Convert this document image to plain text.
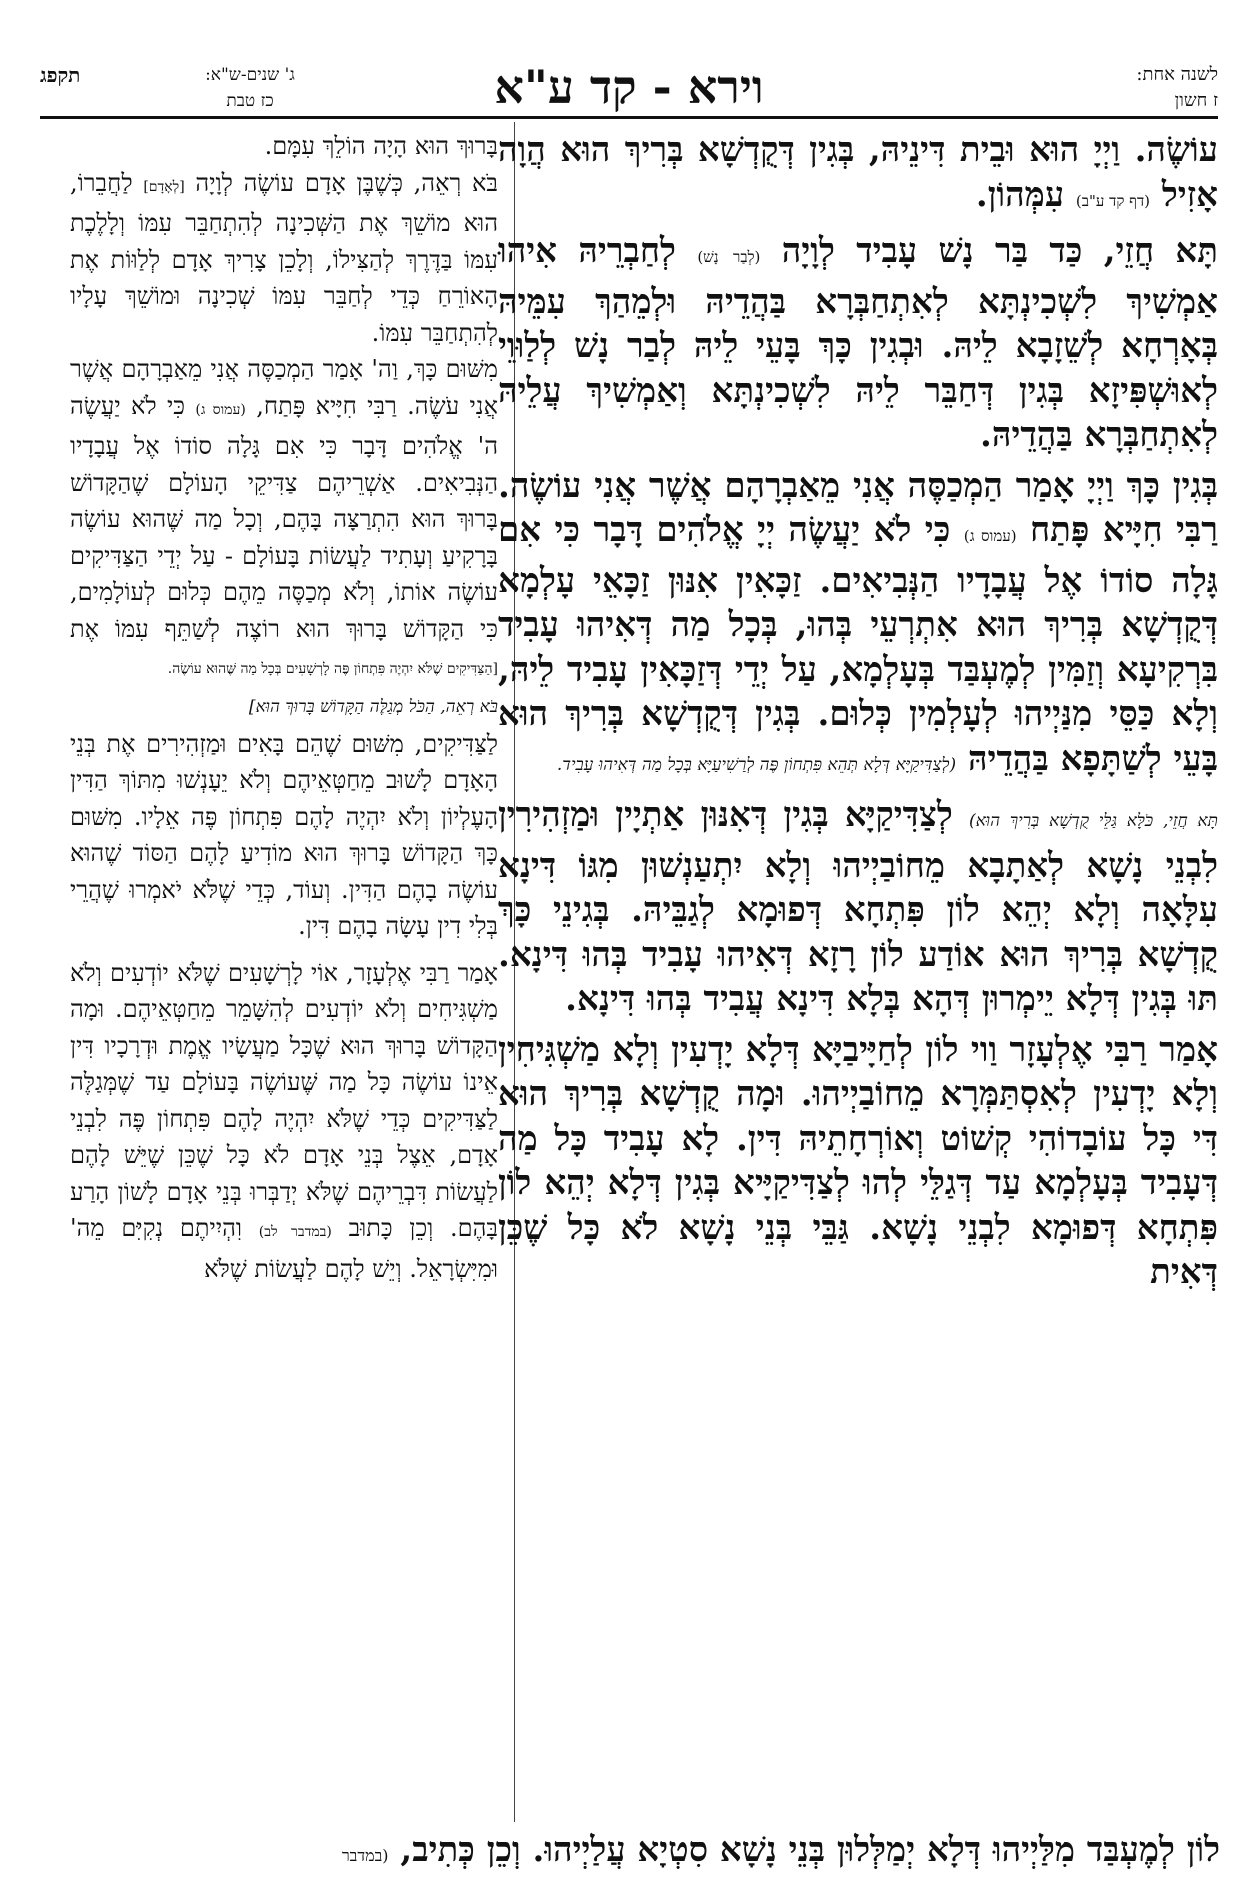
לשנה אחת:
ז חשון
וירא - קד ע"א
ג' שנים-ש"א:
כז טבת
תקפג

עוֹשֶׂה. וַיְיָ הוּא וּבֵית דִּינֵיהּ, בְּגִין דְּקֻדְשָׁא בְּרִיךְ הוּא הֲוָה אָזִיל (דף קד ע"ב) עִמְּהוֹן.

תָּא חֲזֵי, כַּד בַּר נָשׁ עָבִיד לְוָיָה (לְבַר נָשׁ) לְחַבְרֵיהּ אִיהוּ אַמְשִׁיךְ לִשְׁכִינְתָּא לְאִתְחַבְּרָא בַּהֲדֵיהּ וּלְמֵהַךְ עִמֵּיהּ בְּאָרְחָא לְשֵׁזָבָא לֵיהּ. וּבְגִין כָּךְ בָּעֵי לֵיהּ לְבַר נָשׁ לְלַוּוֵי לְאוּשְׁפִּיזָא בְּגִין דְּחַבֵּר לֵיהּ לִשְׁכִינְתָּא וְאַמְשִׁיךְ עֲלֵיהּ לְאִתְחַבְּרָא בַּהֲדֵיהּ.

בְּגִין כָּךְ וַיְיָ אָמַר הַמְכַסֶּה אֲנִי מֵאַבְרָהָם אֲשֶׁר אֲנִי עוֹשֶׂה. רַבִּי חִיָּיא פָּתַח (עמוס ג) כִּי לֹא יַעֲשֶׂה יְיָ אֱלֹהִים דָּבָר כִּי אִם גָּלָה סוֹדוֹ אֶל עֲבָדָיו הַנְּבִיאִים. זַכָּאִין אִנּוּן זַכָּאֵי עָלְמָא דְּקֻדְשָׁא בְּרִיךְ הוּא אִתְרְעֵי בְּהוּ, בְּכָל מַה דְּאִיהוּ עָבִיד בִּרְקִיעָא וְזַמִּין לְמֶעְבַּד בְּעָלְמָא, עַל יְדֵי דְּזַכָּאִין עָבִיד לֵיהּ, וְלָא כַּסֵּי מִנַּיְיהוּ לְעָלְמִין כְּלוּם. בְּגִין דְּקֻדְשָׁא בְּרִיךְ הוּא בָּעֵי לְשַׁתָּפָא בַּהֲדֵיהּ (לְצַדִּיקַיָּא דְּלָא תְּהֵא פִּתְחוֹן פֶּה לְרַשִׁיעַיָּא בְּכָל מַה דְּאִיהוּ עָבִיד.

תָּא חֲזֵי, כֹּלָּא גַּלֵּי קֻדְשָׁא בְּרִיךְ הוּא) לְצַדִּיקַיָּא בְּגִין דְּאִנּוּן אַתְיָין וּמַזְהִירִין לִבְנֵי נָשָׁא לְאַתָבָא מֵחוֹבַיְיהוּ וְלָא יִתְעַנְשׁוּן מִגּוֹ דִּינָא עִלָּאָה וְלָא יְהֵא לוֹן פִּתְחָא דְּפוּמָא לְגַבֵּיהּ. בְּגִינֵי כָּךְ קֻדְשָׁא בְּרִיךְ הוּא אוֹדַע לוֹן רָזָא דְּאִיהוּ עָבִיד בְּהוּ דִּינָא. תּוּ בְּגִין דְּלָא יֵימְרוּן דְּהָא בְּלָא דִּינָא עֲבִיד בְּהוּ דִּינָא.

אָמַר רַבִּי אֶלְעָזָר וַוי לוֹן לְחַיָּיבַיָּא דְּלָא יָדְעִין וְלָא מַשְׁגִּיחִין וְלָא יָדְעִין לְאִסְתַּמְּרָא מֵחוֹבַיְיהוּ. וּמָה קֻדְשָׁא בְּרִיךְ הוּא דִּי כָּל עוֹבָדוֹהִי קְשׁוֹט וְאוֹרְחָתֵיהּ דִּין. לָא עָבִיד כָּל מַה דְּעָבִיד בְּעָלְמָא עַד דְּגַלֵּי לְהוּ לְצַדִּיקַיָּיא בְּגִין דְּלָא יְהֵא לוֹן פִּתְחָא דְּפוּמָא לִבְנֵי נָשָׁא. גַּבֵּי בְּנֵי נָשָׁא לֹא כָּל שֶׁכֵּן דְּאִית

בָּרוּךְ הוּא הָיָה הוֹלֵךְ עִמָּם.

בֹּא רְאֵה, כְּשֶׁבֶּן אָדָם עוֹשֶׂה לְוָיָה [לְאָדָם] לַחֲבֵרוֹ, הוּא מוֹשֵׁךְ אֶת הַשְּׁכִינָה לְהִתְחַבֵּר עִמּוֹ וְלָלֶכֶת עִמּוֹ בַּדֶּרֶךְ לְהַצִּילוֹ, וְלָכֵן צָרִיךְ אָדָם לְלַוּוֹת אֶת הָאוֹרֵחַ כְּדֵי לְחַבֵּר עִמּוֹ שְׁכִינָה וּמוֹשֵׁךְ עָלָיו לְהִתְחַבֵּר עִמּוֹ.

מִשּׁוּם כָּךְ, וַה' אָמַר הַמְכַסֶּה אֲנִי מֵאַבְרָהָם אֲשֶׁר אֲנִי עֹשֶׂה. רַבִּי חִיָּיא פָּתַח, (עמוס ג) כִּי לֹא יַעֲשֶׂה ה' אֱלֹהִים דָּבָר כִּי אִם גָּלָה סוֹדוֹ אֶל עֲבָדָיו הַנְּבִיאִים. אַשְׁרֵיהֶם צַדִּיקֵי הָעוֹלָם שֶׁהַקָּדוֹשׁ בָּרוּךְ הוּא הִתְרַצָּה בָּהֶם, וְכָל מַה שֶּׁהוּא עוֹשֶׂה בָּרָקִיעַ וְעָתִיד לַעֲשׂוֹת בָּעוֹלָם - עַל יְדֵי הַצַּדִּיקִים עוֹשֶׂה אוֹתוֹ, וְלֹא מְכַסֶּה מֵהֶם כְּלוּם לְעוֹלָמִים, כִּי הַקָּדוֹשׁ בָּרוּךְ הוּא רוֹצֶה לְשַׁתֵּף עִמּוֹ אֶת [הַצַּדִּיקִים שֶׁלֹּא יִהְיֶה פִּתְחוֹן פֶּה לָרְשָׁעִים בְּכָל מַה שֶּׁהוּא עוֹשֶׂה.

בֹּא רְאֵה, הַכֹּל מְגַלֶּה הַקָּדוֹשׁ בָּרוּךְ הוּא]

לַצַּדִּיקִים, מִשּׁוּם שֶׁהֵם בָּאִים וּמַזְהִירִים אֶת בְּנֵי הָאָדָם לָשׁוּב מֵחַטְּאֵיהֶם וְלֹא יֵעָנְשׁוּ מִתּוֹךְ הַדִּין הָעֶלְיוֹן וְלֹא יִהְיֶה לָהֶם פִּתְחוֹן פֶּה אֵלָיו. מִשּׁוּם כָּךְ הַקָּדוֹשׁ בָּרוּךְ הוּא מוֹדִיעַ לָהֶם הַסּוֹד שֶׁהוּא עוֹשֶׂה בָהֶם הַדִּין. וְעוֹד, כְּדֵי שֶׁלֹּא יֹאמְרוּ שֶׁהֲרֵי בְּלִי דִין עָשָׂה בָהֶם דִּין.

אָמַר רַבִּי אֶלְעָזָר, אוֹי לָרְשָׁעִים שֶׁלֹּא יוֹדְעִים וְלֹא מַשְׁגִּיחִים וְלֹא יוֹדְעִים לְהִשָּׁמֵר מֵחַטְּאֵיהֶם. וּמָה הַקָּדוֹשׁ בָּרוּךְ הוּא שֶׁכָּל מַעֲשָׂיו אֱמֶת וּדְרָכָיו דִּין אֵינוֹ עוֹשֶׂה כָּל מַה שֶּׁעוֹשֶׂה בָּעוֹלָם עַד שֶׁמְּגַלֶּה לַצַּדִּיקִים כְּדֵי שֶׁלֹּא יִהְיֶה לָהֶם פִּתְחוֹן פֶּה לִבְנֵי אָדָם, אֵצֶל בְּנֵי אָדָם לֹא כָּל שֶׁכֵּן שֶׁיֵּשׁ לָהֶם לַעֲשׂוֹת דִּבְרֵיהֶם שֶׁלֹּא יְדַבְּרוּ בְּנֵי אָדָם לָשׁוֹן הָרַע בָּהֶם. וְכֵן כָּתוּב (במדבר לב) וִהְיִיתֶם נְקִיִּם מֵה' וּמִיִּשְׂרָאֵל. וְיֵשׁ לָהֶם לַעֲשׂוֹת שֶׁלֹּא

לוֹן לְמֶעְבַּד מִלַּיְיהוּ דְּלָא יְמַלְּלוּן בְּנֵי נָשָׁא סִטְיָא עֲלַיְיהוּ. וְכֵן כְּתִיב, (במדבר
